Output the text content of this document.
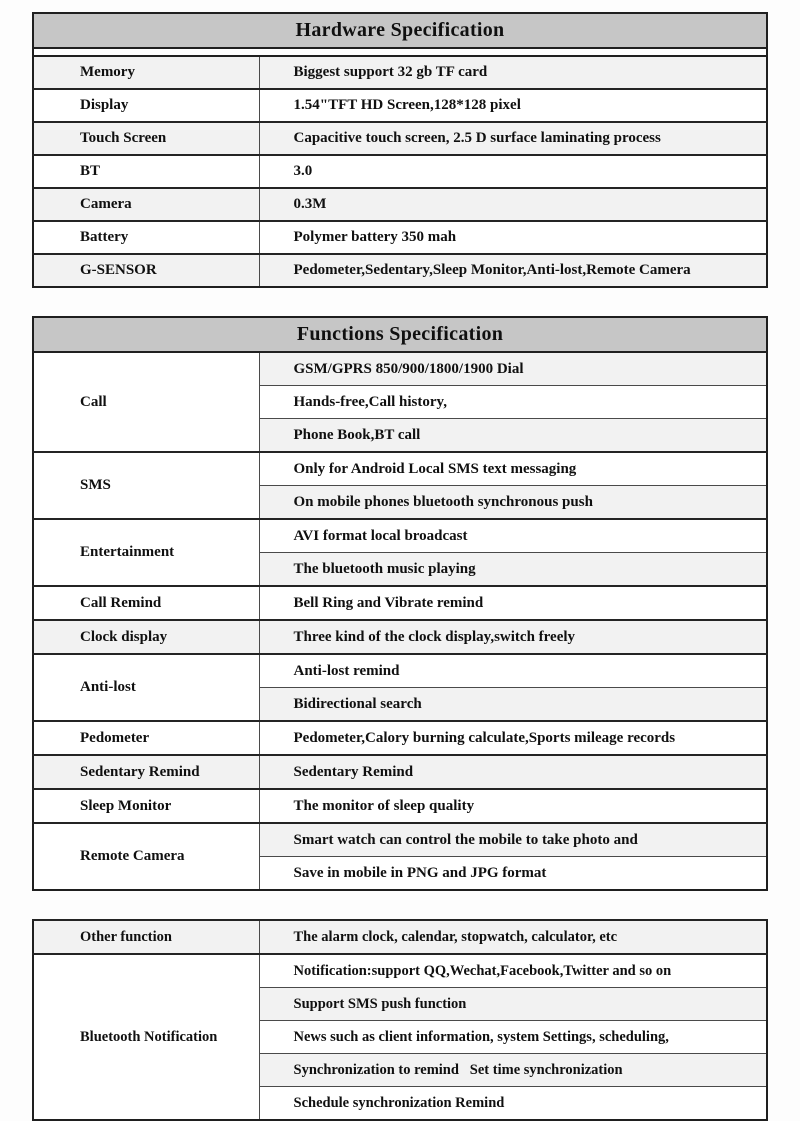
Hardware Specification	

Memory	Biggest support 32 gb TF card
Display	1.54"TFT HD Screen,128*128 pixel
Touch Screen	Capacitive touch screen, 2.5 D surface laminating process
BT	3.0
Camera	0.3M
Battery	Polymer battery 350 mah
G-SENSOR	Pedometer,Sedentary,Sleep Monitor,Anti-lost,Remote Camera
Functions Specification	
Call	GSM/GPRS 850/900/1800/1900 Dial
	Hands-free,Call history,
	Phone Book,BT call
SMS	Only for Android Local SMS text messaging
	On mobile phones bluetooth synchronous push
Entertainment	AVI format local broadcast
	The bluetooth music playing
Call Remind	Bell Ring and Vibrate remind
Clock display	Three kind of the clock display,switch freely
Anti-lost	Anti-lost remind
	Bidirectional search
Pedometer	Pedometer,Calory burning calculate,Sports mileage records
Sedentary Remind	Sedentary Remind
Sleep Monitor	The monitor of sleep quality
Remote Camera	Smart watch can control the mobile to take photo and
	Save in mobile in PNG and JPG format
Other function	The alarm clock, calendar, stopwatch, calculator, etc
Bluetooth Notification	Notification:support QQ,Wechat,Facebook,Twitter and so on
	Support SMS push function
	News such as client information, system Settings, scheduling,
	Synchronization to remind   Set time synchronization
	Schedule synchronization Remind
